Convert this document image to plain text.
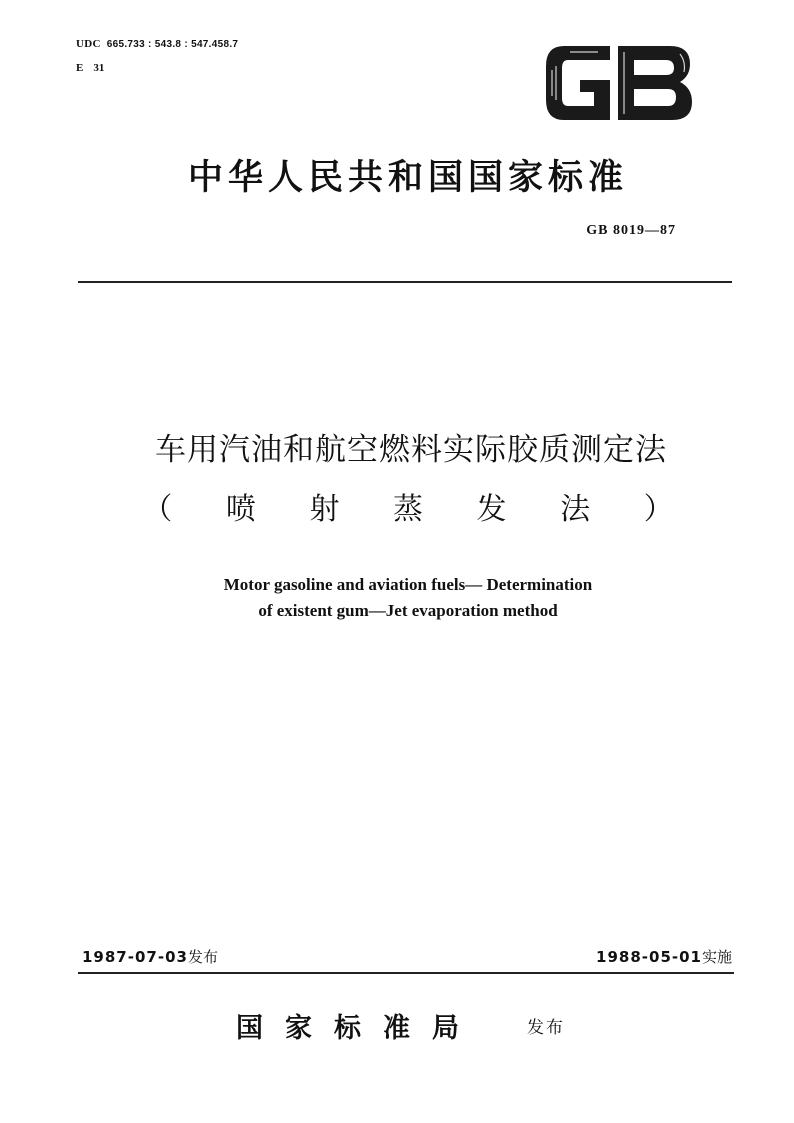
UDC 665.733 : 543.8 : 547.458.7
E 31
中华人民共和国国家标准
GB 8019—87
车用汽油和航空燃料实际胶质测定法
（ 喷 射 蒸 发 法 ）
Motor gasoline and aviation fuels— Determination
of existent gum—Jet evaporation method
1987-07-03发布	1988-05-01实施
国家标准局	发布
